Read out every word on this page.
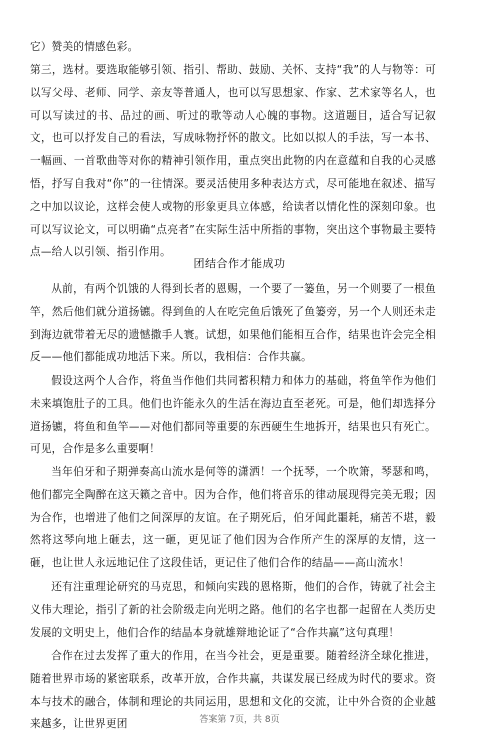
它）赞美的情感色彩。

第三，选材。要选取能够引领、指引、帮助、鼓励、关怀、支持“我”的人与物等：可以写父母、老师、同学、亲友等普通人，也可以写思想家、作家、艺术家等名人，也可以写读过的书、品过的画、听过的歌等动人心魄的事物。这道题目，适合写记叙文，也可以抒发自己的看法，写成咏物抒怀的散文。比如以拟人的手法，写一本书、一幅画、一首歌曲等对你的精神引领作用，重点突出此物的内在意蕴和自我的心灵感悟，抒写自我对“你”的一往情深。要灵活使用多种表达方式，尽可能地在叙述、描写之中加以议论，这样会使人或物的形象更具立体感，给读者以情化性的深刻印象。也可以写议论文，可以明确“点亮者”在实际生活中所指的事物，突出这个事物最主要特点—给人以引领、指引作用。

团结合作才能成功

从前，有两个饥饿的人得到长者的恩赐，一个要了一篓鱼，另一个则要了一根鱼竿，然后他们就分道扬镳。得到鱼的人在吃完鱼后饿死了鱼篓旁，另一个人则还未走到海边就带着无尽的遗憾撒手人寰。试想，如果他们能相互合作，结果也许会完全相反——他们都能成功地活下来。所以，我相信：合作共赢。

假设这两个人合作，将鱼当作他们共同蓄积精力和体力的基础，将鱼竿作为他们未来填饱肚子的工具。他们也许能永久的生活在海边直至老死。可是，他们却选择分道扬镳，将鱼和鱼竿——对他们都同等重要的东西硬生生地拆开，结果也只有死亡。可见，合作是多么重要啊！

当年伯牙和子期弹奏高山流水是何等的潇洒！一个抚琴，一个吹箫，琴瑟和鸣，他们都完全陶醉在这天籁之音中。因为合作，他们将音乐的律动展现得完美无瑕；因为合作，也增进了他们之间深厚的友谊。在子期死后，伯牙闻此噩耗，痛苦不堪，毅然将这琴向地上砸去，这一砸，更见证了他们因为合作所产生的深厚的友情，这一砸，也让世人永远地记住了这段佳话，更记住了他们合作的结晶——高山流水！

还有注重理论研究的马克思，和倾向实践的恩格斯，他们的合作，铸就了社会主义伟大理论，指引了新的社会阶级走向光明之路。他们的名字也都一起留在人类历史发展的文明史上，他们合作的结晶本身就雄辩地论证了“合作共赢”这句真理！

合作在过去发挥了重大的作用，在当今社会，更是重要。随着经济全球化推进，随着世界市场的紧密联系，改革开放，合作共赢，共谋发展已经成为时代的要求。资本与技术的融合，体制和理论的共同运用，思想和文化的交流，让中外合资的企业越来越多，让世界更团	答案第 7页，共 8页
